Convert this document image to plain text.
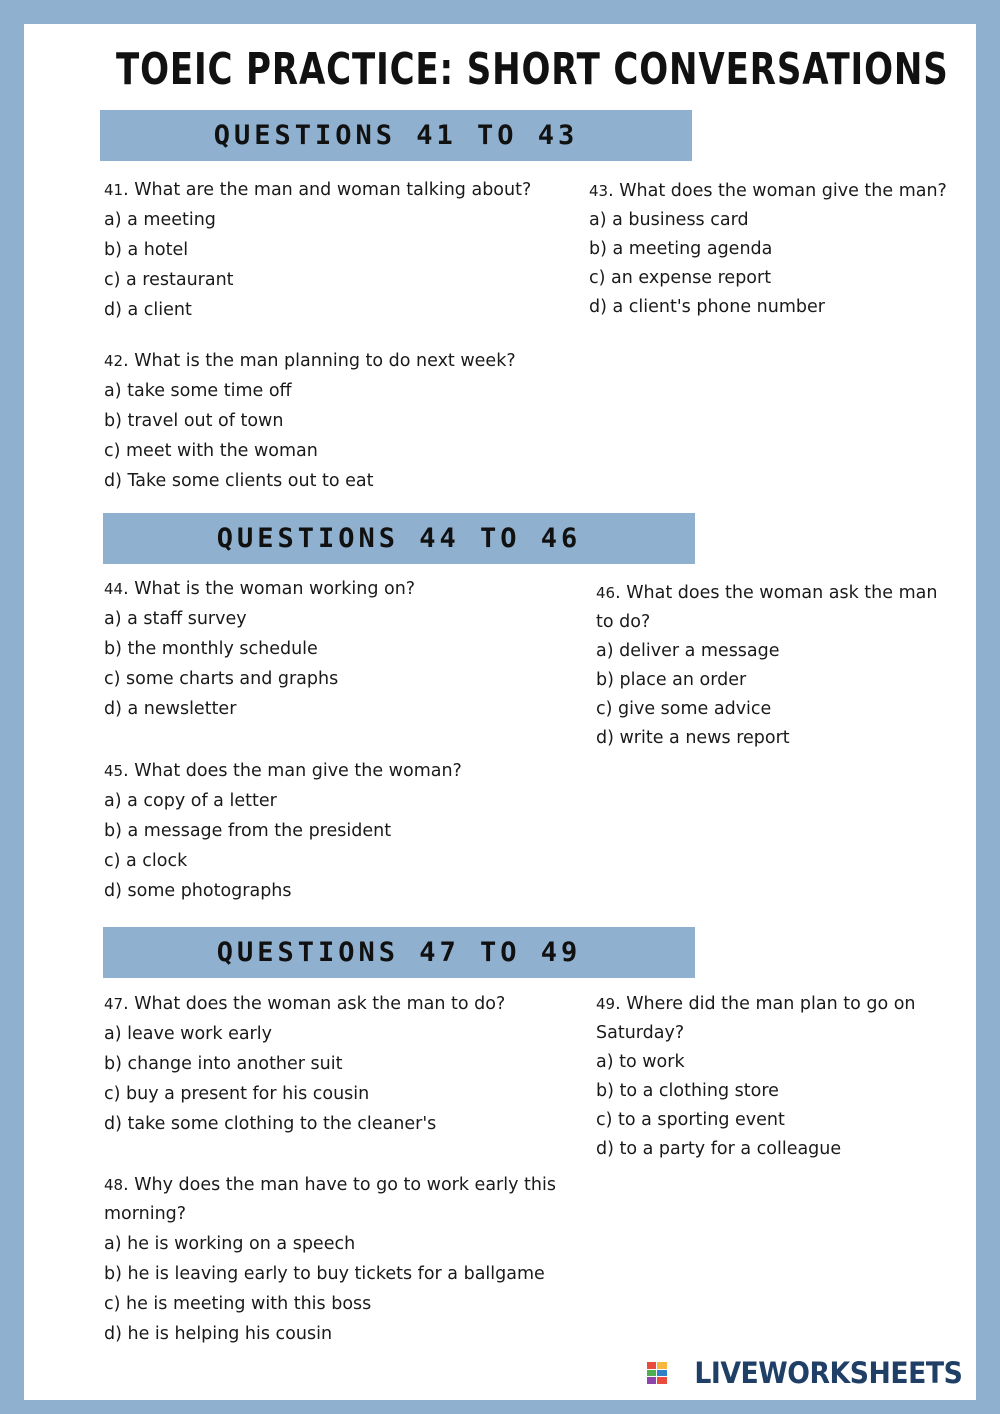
TOEIC PRACTICE: SHORT CONVERSATIONS
QUESTIONS 41 TO 43
41. What are the man and woman talking about?
a) a meeting
b) a hotel
c) a restaurant
d) a client
42. What is the man planning to do next week?
a) take some time off
b) travel out of town
c) meet with the woman
d) Take some clients out to eat
43. What does the woman give the man?
a) a business card
b) a meeting agenda
c) an expense report
d) a client's phone number
QUESTIONS 44 TO 46
44. What is the woman working on?
a) a staff survey
b) the monthly schedule
c) some charts and graphs
d) a newsletter
45. What does the man give the woman?
a) a copy of a letter
b) a message from the president
c) a clock
d) some photographs
46. What does the woman ask the man to do?
a) deliver a message
b) place an order
c) give some advice
d) write a news report
QUESTIONS 47 TO 49
47. What does the woman ask the man to do?
a) leave work early
b) change into another suit
c) buy a present for his cousin
d) take some clothing to the cleaner's
48. Why does the man have to go to work early this morning?
a) he is working on a speech
b) he is leaving early to buy tickets for a ballgame
c) he is meeting with this boss
d) he is helping his cousin
49. Where did the man plan to go on Saturday?
a) to work
b) to a clothing store
c) to a sporting event
d) to a party for a colleague
LIVEWORKSHEETS
